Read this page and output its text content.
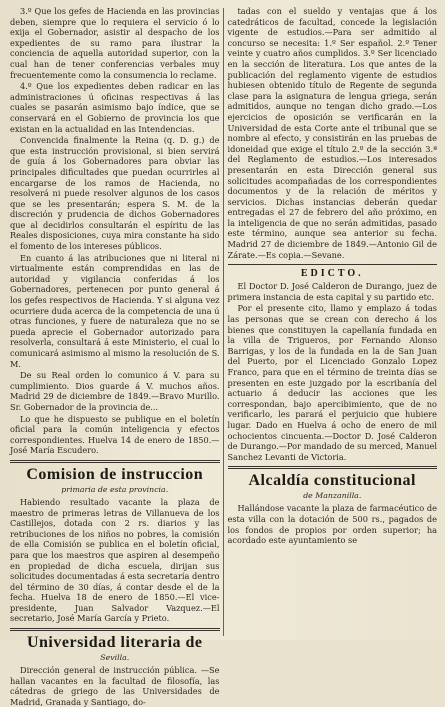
3.º Que los gefes de Hacienda en las provincias deben, siempre que lo requiera el servicio ó lo exija el Gobernador, asistir al despacho de los expedientes de su ramo para ilustrar la conciencia de aquella autoridad superior, con la cual han de tener conferencias verbales muy frecuentemente como la consumencia lo reclame.

4.º Que los expedientes deben radicar en las administraciones ú oficinas respectivas á las cuales se pasarán asimismo bajo índice, que se conservará en el Gobierno de provincia los que existan en la actualidad en las Intendencias.

Convencida finalmente la Reina (q. D. g.) de que esta instrucción provisional, si bien servirá de guía á los Gobernadores para obviar las principales dificultades que puedan ocurrirles al encargarse de los ramos de Hacienda, no resolverá ni puede resolver algunos de los casos que se les presentarán; espera S. M. de la discreción y prudencia de dichos Gobernadores que al decidirlos consultarán el espíritu de las Reales disposiciones, cuya mira constante ha sido el fomento de los intereses públicos.

En cuanto á las atribuciones que ni literal ni virtualmente están comprendidas en las de autoridad y vigilancia conferidas á los Gobernadores, pertenecen por punto general á los gefes respectivos de Hacienda. Y si alguna vez ocurriere duda acerca de la competencia de una ú otras funciones, y fuere de naturaleza que no se pueda aprecie el Gobernador autorizado para resolverla, consultará á este Ministerio, el cual lo comunicará asimismo al mismo la resolución de S. M.

De su Real orden lo comunico á V. para su cumplimiento. Dios guarde á V. muchos años. Madrid 29 de diciembre de 1849.—Bravo Murillo. Sr. Gobernador de la provincia de...

Lo que he dispuesto se publique en el boletín oficial para la común inteligencia y efectos correspondientes. Huelva 14 de enero de 1850.—José María Escudero.

Comision de instruccion
primaria de esta provincia.

Habiendo resultado vacante la plaza de maestro de primeras letras de Villanueva de los Castillejos, dotada con 2 rs. diarios y las retribuciones de los niños no pobres, la comisión de ella Comisión se publica en el boletín oficial, para que los maestros que aspiren al desempeño en propiedad de dicha escuela, dirijan sus solicitudes documentadas á esta secretaría dentro del término de 30 días, á contar desde el de la fecha. Huelva 18 de enero de 1850.—El vice-presidente, Juan Salvador Vazquez.—El secretario, José María García y Prieto.

Universidad literaria de
Sevilla.

Dirección general de instrucción pública. —Se hallan vacantes en la facultad de filosofía, las cátedras de griego de las Universidades de Madrid, Granada y Santiago, do-

tadas con el sueldo y ventajas que á los catedráticos de facultad, concede la legislación vigente de estudios.—Para ser admitido al concurso se necesita: 1.º Ser español. 2.º Tener veinte y cuatro años cumplidos. 3.º Ser licenciado en la sección de literatura. Los que antes de la publicación del reglamento vigente de estudios hubiesen obtenido título de Regente de segunda clase para la asignatura de lengua griega, serán admitidos, aunque no tengan dicho grado.—Los ejercicios de oposición se verificarán en la Universidad de esta Corte ante el tribunal que se nombre al efecto, y consistirán en las pruebas de idoneidad que exige el título 2.º de la sección 3.ª del Reglamento de estudios.—Los interesados presentarán en esta Dirección general sus solicitudes acompañadas de los correspondientes documentos y de la relación de méritos y servicios. Dichas instancias deberán quedar entregadas el 27 de febrero del año próximo, en la inteligencia de que no serán admitidas, pasado este término, aunque sea anterior su fecha. Madrid 27 de diciembre de 1849.—Antonio Gil de Zárate.—Es copia.—Sevane.

EDICTO.

El Doctor D. José Calderon de Durango, juez de primera instancia de esta capital y su partido etc.

Por el presente cito, llamo y emplazo á todas las personas que se crean con derecho á los bienes que constituyen la capellanía fundada en la villa de Trigueros, por Fernando Alonso Barrigas, y los de la fundada en la de San Juan del Puerto, por el Licenciado Gonzalo Lopez Franco, para que en el término de treinta días se presenten en este juzgado por la escribanía del actuario á deducir las acciones que les correspondan, bajo apercibimiento, que de no verificarlo, les parará el perjuicio que hubiere lugar. Dado en Huelva á ocho de enero de mil ochocientos cincuenta.—Doctor D. José Calderon de Durango.—Por mandado de su merced, Manuel Sanchez Levanti de Victoria.

Alcaldía constitucional
de Manzanilla.

Hallándose vacante la plaza de farmacéutico de esta villa con la dotación de 500 rs., pagados de los fondos de propios por orden superior; ha acordado este ayuntamiento se
